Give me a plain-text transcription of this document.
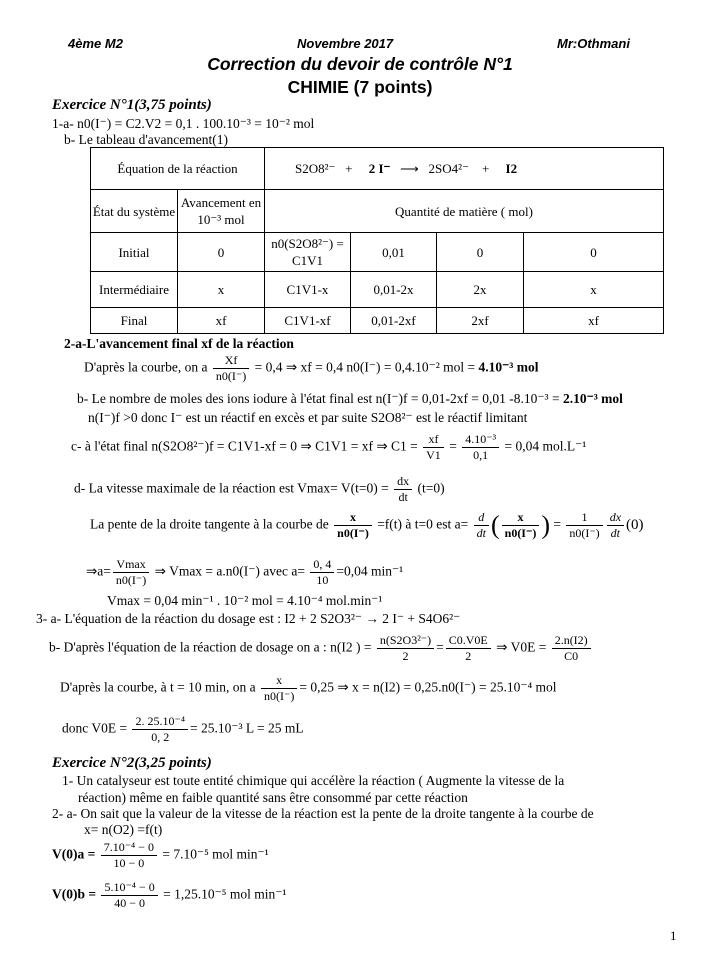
4ème M2	Novembre 2017	Mr:Othmani
Correction du devoir de contrôle N°1
CHIMIE (7 points)
Exercice N°1(3,75 points)
1-a- n0(I⁻) = C2.V2 = 0,1 . 100.10⁻³ = 10⁻² mol
b- Le tableau d'avancement(1)
Équation de la réaction		S2O8²⁻ + 2 I⁻ ⟶ 2SO4²⁻ + I2			
État du système	Avancement en 10⁻³ mol	Quantité de matière ( mol)			
Initial	0	n0(S2O8²⁻) = C1V1	0,01	0	0
Intermédiaire	x	C1V1-x	0,01-2x	2x	x
Final	xf	C1V1-xf	0,01-2xf	2xf	xf
2-a-L'avancement final xf de la réaction
D'après la courbe, on a $\frac{Xf}{n0(I^-)} = 0,4$ ⇒ xf = 0,4 n0(I⁻) = 0,4.10⁻² mol = 4.10⁻³ mol
b- Le nombre de moles des ions iodure à l'état final est n(I⁻)f = 0,01-2xf = 0,01 -8.10⁻³ = 2.10⁻³ mol
n(I⁻)f >0 donc I⁻ est un réactif en excès et par suite S2O8²⁻ est le réactif limitant
c- à l'état final n(S2O8²⁻)f = C1V1-xf = 0 ⇒ C1V1 = xf ⇒ $C1 = \frac{xf}{V1} = \frac{\text{4.10⁻³}}{0,1} = 0,04$ mol.L⁻¹
d- La vitesse maximale de la réaction est $Vmax= V(t=0) = \frac{dx}{dt} (t=0)$
La pente de la droite tangente à la courbe de $\frac{x}{n0(I^-)} =f(t)$ à t=0 est $a= \frac{d}{dt}$ ( $\frac{x}{n0(I^-)}$ ) = $\frac{1}{n0(I^-)} \frac{dx}{dt} (0)$
⇒a= $\frac{Vmax}{n0(I^-)}$ ⇒ Vmax = a.n0(I⁻) avec $a= \frac{0, 4}{10} =0,04$ min⁻¹
Vmax = 0,04 min⁻¹ . 10⁻² mol = 4.10⁻⁴ mol.min⁻¹
3- a- L'équation de la réaction du dosage est : I2 + 2 S2O3²⁻ → 2 I⁻ + S4O6²⁻
b- D'après l'équation de la réaction de dosage on a : n(I2 ) = $\frac{\text{n(S2O3²⁻)}}{2} = \frac{C0.V0E}{2}$ ⇒ $V0E = \frac{2.n(I2)}{C0}$
D'après la courbe, à t = 10 min, on a $\frac{x}{n0(I^-)} = 0,25$ ⇒ x = n(I2) = 0,25.n0(I⁻) = 25.10⁻⁴ mol
donc $V0E = \frac{\text{2. 25.10⁻⁴}}{0, 2} = 25.10^{-3}$ L = 25 mL
Exercice N°2(3,25 points)
1- Un catalyseur est toute entité chimique qui accélère la réaction ( Augmente la vitesse de la
réaction) même en faible quantité sans être consommé par cette réaction
2- a- On sait que la valeur de la vitesse de la réaction est la pente de la droite tangente à la courbe de
x= n(O2) =f(t)
$V(0)a = \frac{\text{7.10⁻⁴ − 0}}{10 - 0} = 7.10^{-5}$ mol min⁻¹
$V(0)b = \frac{\text{5.10⁻⁴ − 0}}{40 - 0} = 1,25.10^{-5}$ mol min⁻¹
1
